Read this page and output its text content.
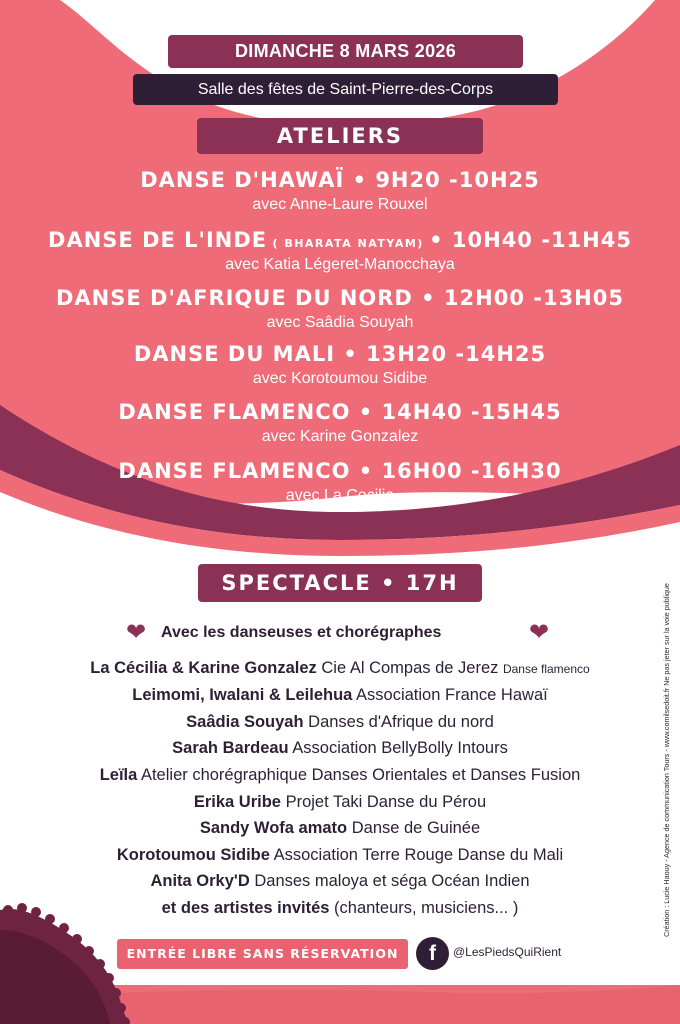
DIMANCHE 8 MARS 2026
Salle des fêtes de Saint-Pierre-des-Corps
ATELIERS
DANSE D'HAWAÏ • 9H20 -10H25
avec Anne-Laure Rouxel
DANSE DE L'INDE ( BHARATA NATYAM) • 10H40 -11H45
avec Katia Légeret-Manocchaya
DANSE D'AFRIQUE DU NORD • 12H00 -13H05
avec Saâdia Souyah
DANSE DU MALI • 13H20 -14H25
avec Korotoumou Sidibe
DANSE FLAMENCO • 14H40 -15H45
avec Karine Gonzalez
DANSE FLAMENCO • 16H00 -16H30
avec La Cecilia
SPECTACLE • 17H
❤ Avec les danseuses et chorégraphes	❤
La Cécilia & Karine Gonzalez Cie Al Compas de Jerez Danse flamenco
Leimomi, Iwalani & Leilehua Association France Hawaï
Saâdia Souyah Danses d'Afrique du nord
Sarah Bardeau Association BellyBolly Intours
Leïla Atelier chorégraphique Danses Orientales et Danses Fusion
Erika Uribe Projet Taki Danse du Pérou
Sandy Wofa amato Danse de Guinée
Korotoumou Sidibe Association Terre Rouge Danse du Mali
Anita Orky'D Danses maloya et séga Océan Indien
et des artistes invités (chanteurs, musiciens... )
ENTRÉE LIBRE SANS RÉSERVATION	f	@LesPiedsQuiRient
Création : Lucie Haouy - Agence de communication Tours - www.comilsedoit.fr Ne pas jeter sur la voie publique
